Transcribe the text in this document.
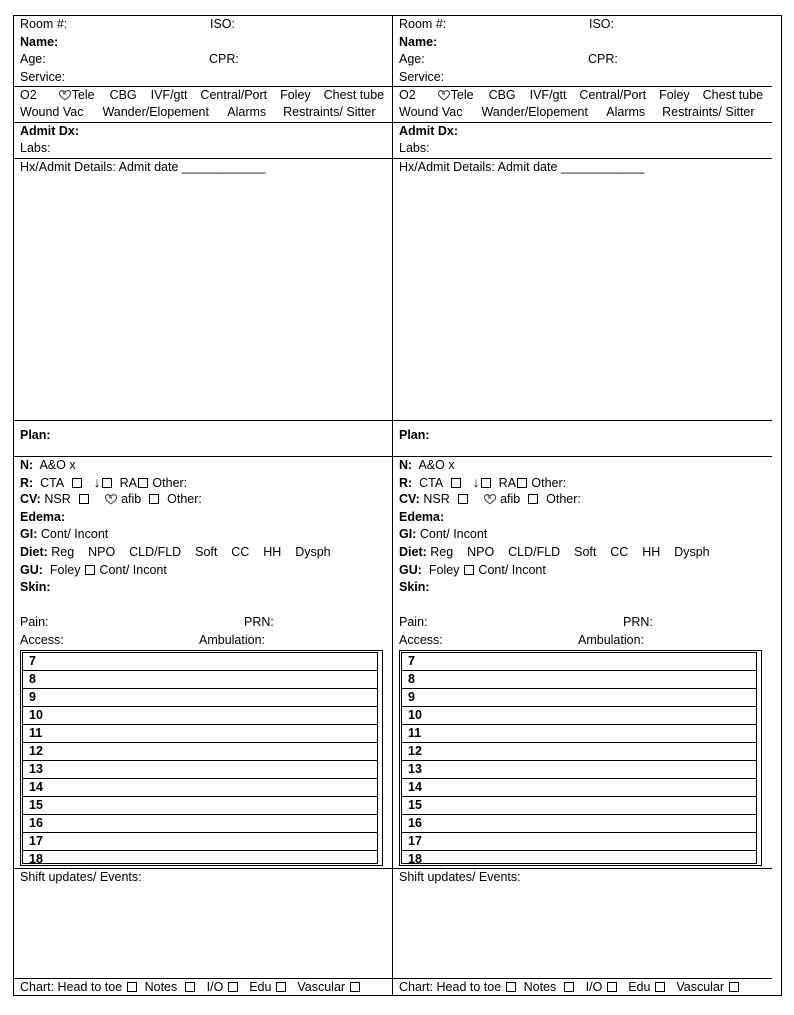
Room #:	ISO:
Name:
Age:	CPR:
Service:
O2	Tele CBG IVF/gtt Central/Port Foley Chest tube
Wound Vac Wander/Elopement Alarms Restraints/ Sitter
Admit Dx:
Labs:
Hx/Admit Details: Admit date ____________
Plan:
N: A&O x
R: CTA ↓ RA Other:
CV: NSR	afib Other:
Edema:
GI: Cont/ Incont
Diet: Reg NPO CLD/FLD Soft CC HH Dysph
GU: Foley Cont/ Incont
Skin:
Pain:	PRN:
Access:	Ambulation:
7
8
9
10
11
12
13
14
15
16
17
18
Shift updates/ Events:
Chart: Head to toe Notes I/O Edu Vascular
Room #:	ISO:
Name:
Age:	CPR:
Service:
O2	Tele CBG IVF/gtt Central/Port Foley Chest tube
Wound Vac Wander/Elopement Alarms Restraints/ Sitter
Admit Dx:
Labs:
Hx/Admit Details: Admit date ____________
Plan:
N: A&O x
R: CTA ↓ RA Other:
CV: NSR	afib Other:
Edema:
GI: Cont/ Incont
Diet: Reg NPO CLD/FLD Soft CC HH Dysph
GU: Foley Cont/ Incont
Skin:
Pain:	PRN:
Access:	Ambulation:
7
8
9
10
11
12
13
14
15
16
17
18
Shift updates/ Events:
Chart: Head to toe Notes I/O Edu Vascular
